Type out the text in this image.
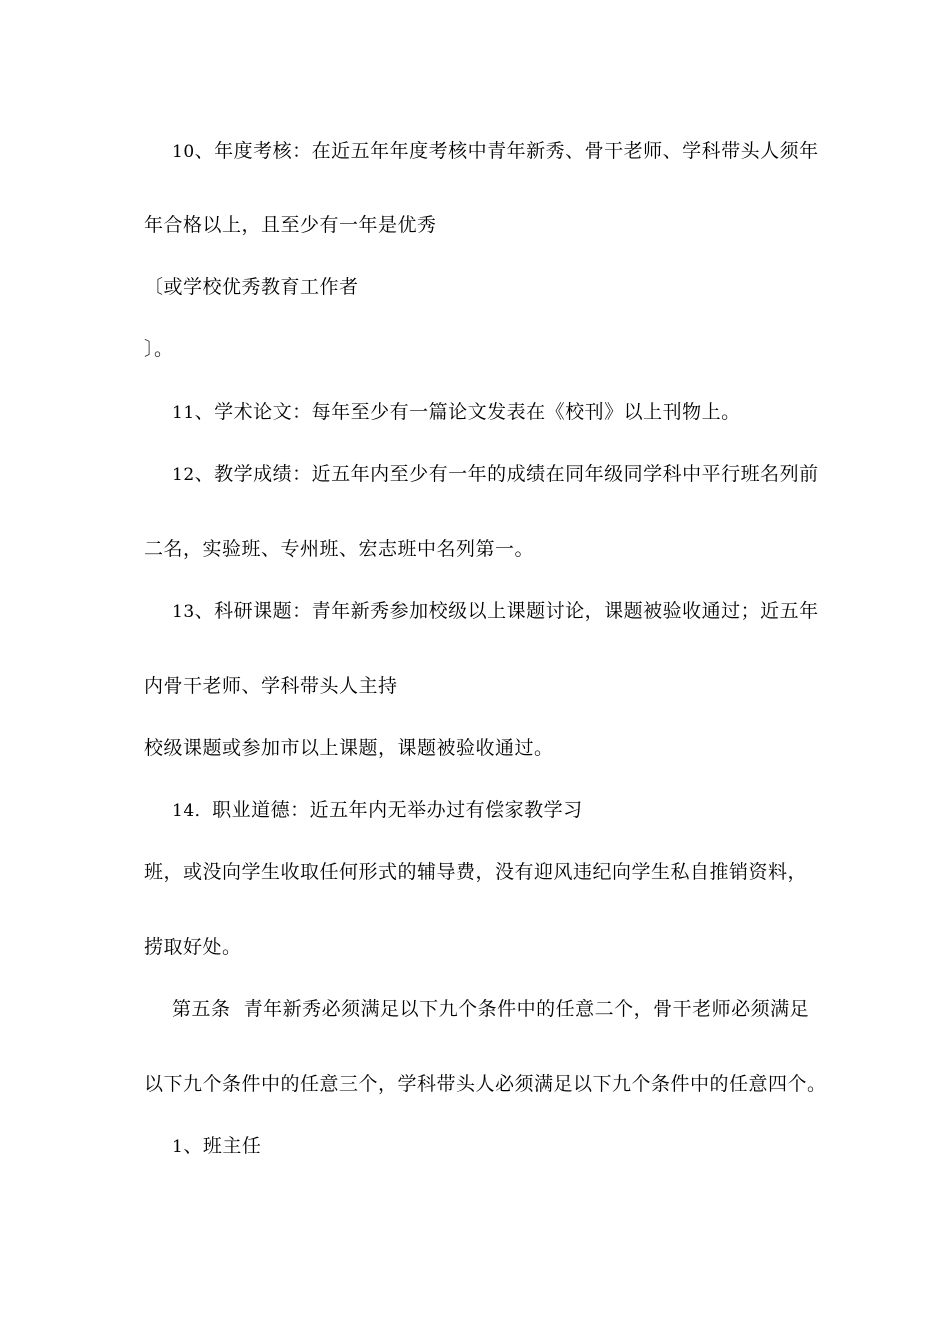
10、年度考核：在近五年年度考核中青年新秀、骨干老师、学科带头人须年
年合格以上，且至少有一年是优秀
〔或学校优秀教育工作者
〕。
11、学术论文：每年至少有一篇论文发表在《校刊》以上刊物上。
12、教学成绩：近五年内至少有一年的成绩在同年级同学科中平行班名列前
二名，实验班、专州班、宏志班中名列第一。
13、科研课题：青年新秀参加校级以上课题讨论，课题被验收通过；近五年
内骨干老师、学科带头人主持
校级课题或参加市以上课题，课题被验收通过。
14．职业道德：近五年内无举办过有偿家教学习
班，或没向学生收取任何形式的辅导费，没有迎风违纪向学生私自推销资料，
捞取好处。
第五条  青年新秀必须满足以下九个条件中的任意二个，骨干老师必须满足
以下九个条件中的任意三个，学科带头人必须满足以下九个条件中的任意四个。
1、班主任
